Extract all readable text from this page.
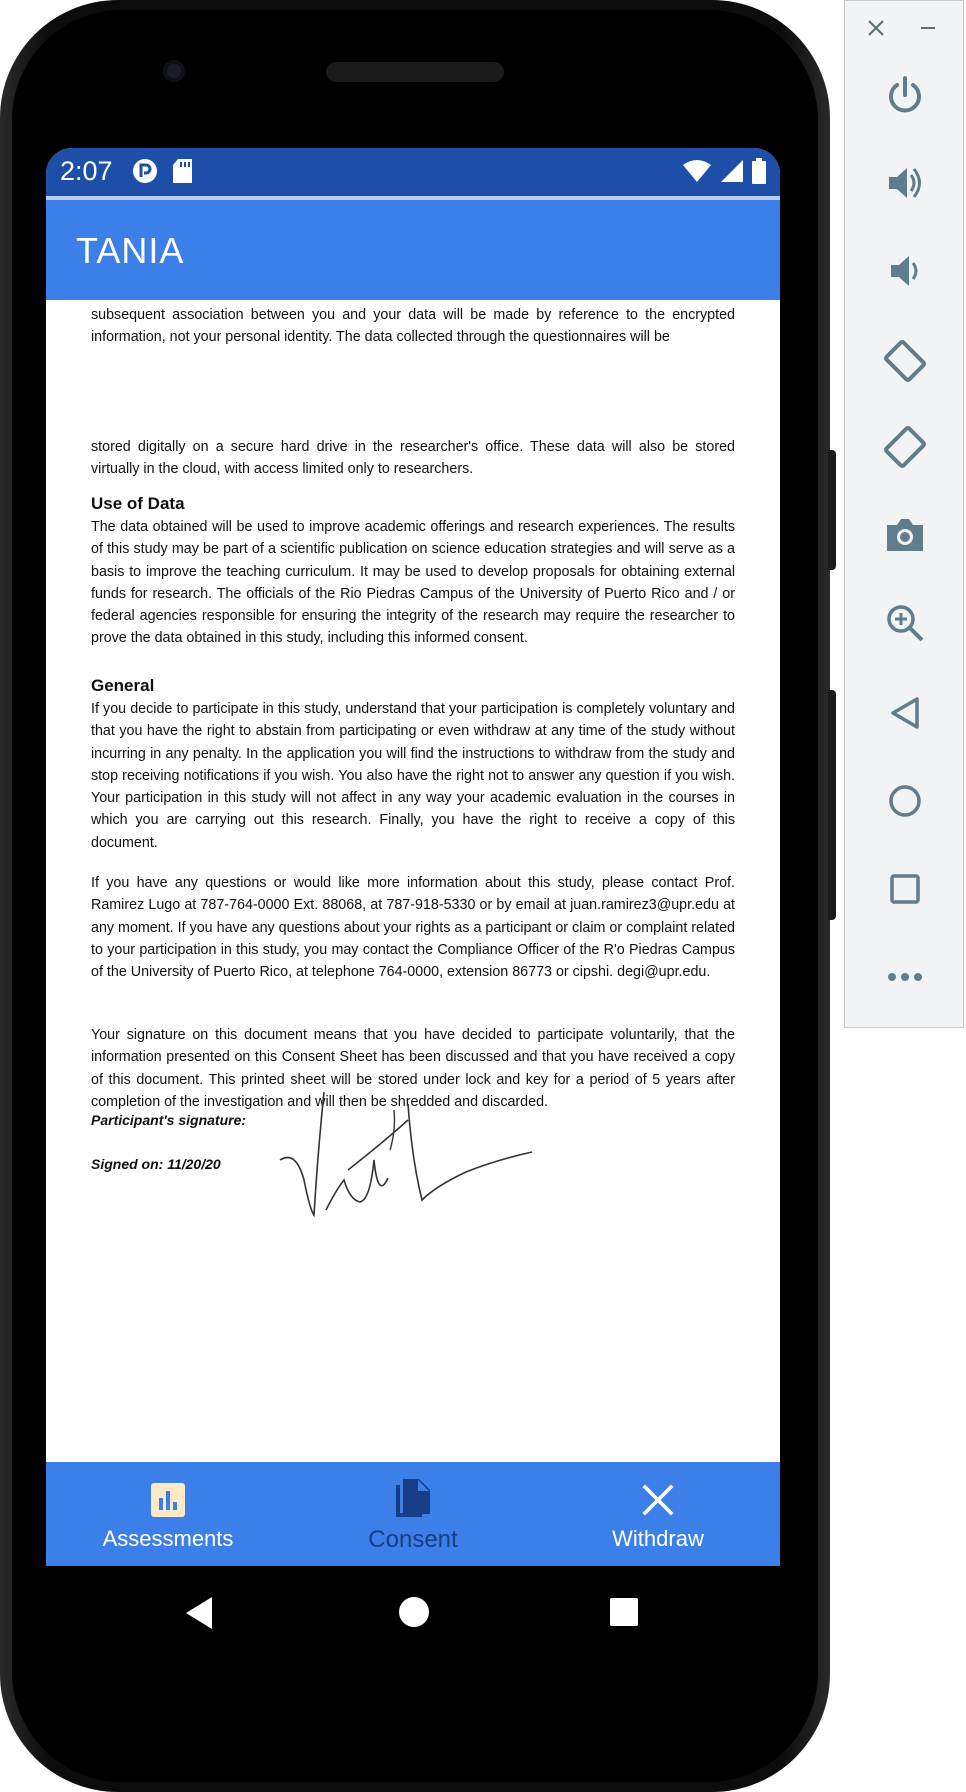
2:07
TANIA

subsequent association between you and your data will be made by reference to the encrypted information, not your personal identity. The data collected through the questionnaires will be

stored digitally on a secure hard drive in the researcher's office. These data will also be stored virtually in the cloud, with access limited only to researchers.

Use of Data

The data obtained will be used to improve academic offerings and research experiences. The results of this study may be part of a scientific publication on science education strategies and will serve as a basis to improve the teaching curriculum. It may be used to develop proposals for obtaining external funds for research. The officials of the Rio Piedras Campus of the University of Puerto Rico and / or federal agencies responsible for ensuring the integrity of the research may require the researcher to prove the data obtained in this study, including this informed consent.

General

If you decide to participate in this study, understand that your participation is completely voluntary and that you have the right to abstain from participating or even withdraw at any time of the study without incurring in any penalty. In the application you will find the instructions to withdraw from the study and stop receiving notifications if you wish. You also have the right not to answer any question if you wish. Your participation in this study will not affect in any way your academic evaluation in the courses in which you are carrying out this research. Finally, you have the right to receive a copy of this document.

If you have any questions or would like more information about this study, please contact Prof. Ramirez Lugo at 787-764-0000 Ext. 88068, at 787-918-5330 or by email at juan.ramirez3@upr.edu at any moment. If you have any questions about your rights as a participant or claim or complaint related to your participation in this study, you may contact the Compliance Officer of the R'o Piedras Campus of the University of Puerto Rico, at telephone 764-0000, extension 86773 or cipshi. degi@upr.edu.

Your signature on this document means that you have decided to participate voluntarily, that the information presented on this Consent Sheet has been discussed and that you have received a copy of this document. This printed sheet will be stored under lock and key for a period of 5 years after completion of the investigation and will then be shredded and discarded.

Participant's signature:
Signed on: 11/20/20
Assessments	Consent	Withdraw
